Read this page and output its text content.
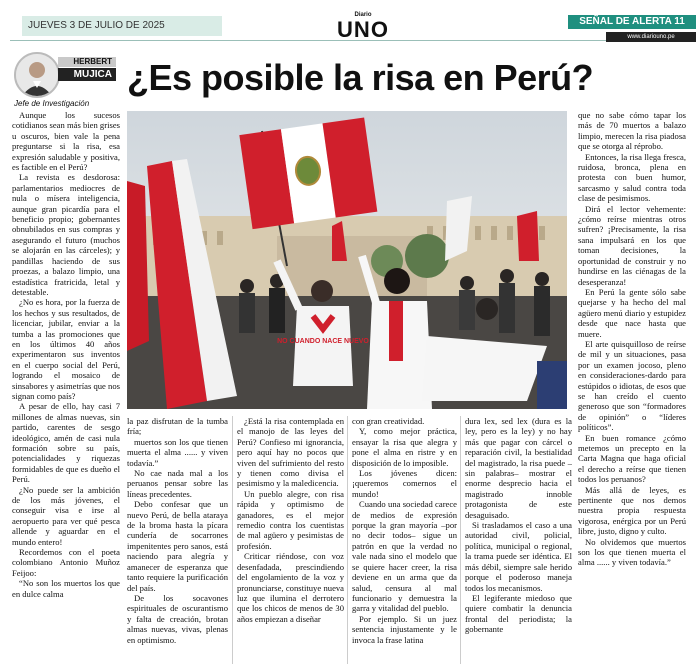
JUEVES 3 DE JULIO DE 2025
Diario
UNO	SEÑAL DE ALERTA 11
www.diariouno.pe
HERBERT
MUJICA
Jefe de Investigación
¿Es posible la risa en Perú?
NO CUANDO NACE NUEVO

Aunque los sucesos cotidianos sean más bien grises u oscuros, bien vale la pena preguntarse si la risa, esa expresión saludable y positiva, es factible en el Perú?

La revista es desdorosa: parlamentarios mediocres de nula o mísera inteligencia, aunque gran picardía para el beneficio propio; gobernantes obnubilados en sus compras y asegurando el futuro (muchos se alojarán en las cárceles); y pandillas haciendo de sus proezas, a balazo limpio, una estadística fratricida, letal y detestable.

¿No es hora, por la fuerza de los hechos y sus resultados, de licenciar, jubilar, enviar a la tumba a las promociones que en los últimos 40 años experimentaron sus inventos en el cuerpo social del Perú, logrando el mosaico de sinsabores y asimetrías que nos signan como país?

A pesar de ello, hay casi 7 millones de almas nuevas, sin partido, carentes de sesgo ideológico, amén de casi nula formación sobre su país, potencialidades y riquezas formidables de que es dueño el Perú.

¿No puede ser la ambición de los más jóvenes, el conseguir visa e irse al aeropuerto para ver qué pesca allende y aguardar en el mundo entero!

Recordemos con el poeta colombiano Antonio Muñoz Feijoo:

“No son los muertos los que en dulce calma

la paz disfrutan de la tumba fría;

muertos son los que tienen muerta el alma ...... y viven todavía.”

No cae nada mal a los peruanos pensar sobre las líneas precedentes.

Debo confesar que un nuevo Perú, de bella ataraya de la broma hasta la pícara cundería de socarrones impenitentes pero sanos, está naciendo para alegría y amanecer de esperanza que tanto requiere la purificación del país.

De los socavones espirituales de oscurantismo y falta de creación, brotan almas nuevas, vivas, plenas en optimismo.

¿Está la risa contemplada en el manojo de las leyes del Perú? Confieso mi ignorancia, pero aquí hay no pocos que viven del sufrimiento del resto y tienen como divisa el pesimismo y la maledicencia.

Un pueblo alegre, con risa rápida y optimismo de ganadores, es el mejor remedio contra los cuentistas de mal agüero y pesimistas de profesión.

Criticar riéndose, con voz desenfadada, prescindiendo del engolamiento de la voz y pronunciarse, constituye nueva luz que ilumina el derrotero que los chicos de menos de 30 años empiezan a diseñar

con gran creatividad.

Y, como mejor práctica, ensayar la risa que alegra y pone el alma en ristre y en disposición de lo imposible.

Los jóvenes dicen: ¡queremos comernos el mundo!

Cuando una sociedad carece de medios de expresión porque la gran mayoría –por no decir todos– sigue un patrón en que la verdad no vale nada sino el modelo que se quiere hacer creer, la risa deviene en un arma que da salud, censura al mal funcionario y demuestra la garra y vitalidad del pueblo.

Por ejemplo. Si un juez sentencia injustamente y le invoca la frase latina

dura lex, sed lex (dura es la ley, pero es la ley) y no hay más que pagar con cárcel o reparación civil, la bestialidad del magistrado, la risa puede –sin palabras– mostrar el enorme desprecio hacia el magistrado innoble protagonista de este desaguisado.

Si trasladamos el caso a una autoridad civil, policial, política, municipal o regional, la trama puede ser idéntica. El más débil, siempre sale herido porque el poderoso maneja todos los mecanismos.

El legiferante miedoso que quiere combatir la denuncia frontal del periodista; la gobernante

que no sabe cómo tapar los más de 70 muertos a balazo limpio, merecen la risa piadosa que se otorga al réprobo.

Entonces, la risa llega fresca, ruidosa, bronca, plena en protesta con buen humor, sarcasmo y salud contra toda clase de pesimismos.

Dirá el lector vehemente: ¿cómo reírse mientras otros sufren? ¡Precisamente, la risa sana impulsará en los que toman decisiones, la oportunidad de construir y no hundirse en las ciénagas de la desesperanza!

En Perú la gente sólo sabe quejarse y ha hecho del mal agüero menú diario y estupidez desde que nace hasta que muere.

El arte quisquilloso de reírse de mil y un situaciones, pasa por un examen jocoso, pleno en consideraciones-dardo para estúpidos o idiotas, de esos que se han creído el cuento generoso que son “formadores de opinión” o “líderes políticos”.

En buen romance ¿cómo metemos un precepto en la Carta Magna que haga oficial el derecho a reírse que tienen todos los peruanos?

Más allá de leyes, es pertinente que nos demos nuestra propia respuesta vigorosa, enérgica por un Perú libre, justo, digno y culto.

No olvidemos que muertos son los que tienen muerta el alma ...... y viven todavía.”
